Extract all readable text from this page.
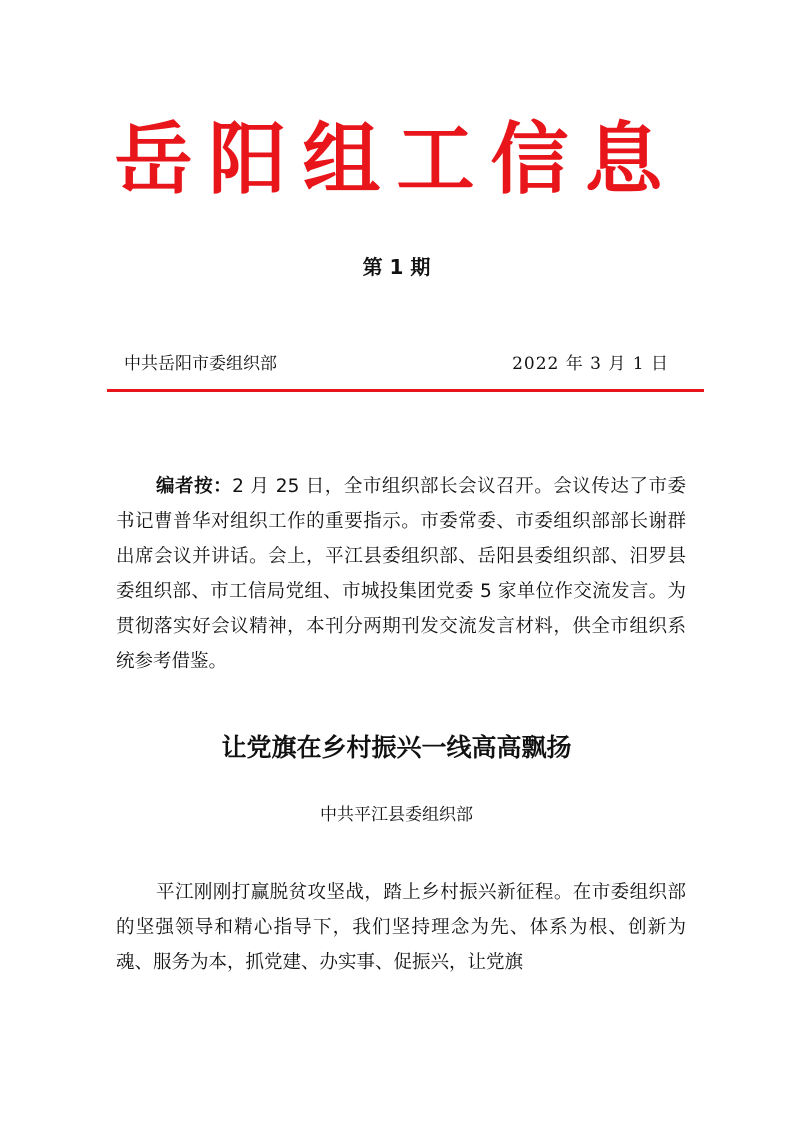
岳阳组工信息
第 1 期
中共岳阳市委组织部	2022 年 3 月 1 日
编者按：2 月 25 日，全市组织部长会议召开。会议传达了市委书记曹普华对组织工作的重要指示。市委常委、市委组织部部长谢群出席会议并讲话。会上，平江县委组织部、岳阳县委组织部、汨罗县委组织部、市工信局党组、市城投集团党委 5 家单位作交流发言。为贯彻落实好会议精神，本刊分两期刊发交流发言材料，供全市组织系统参考借鉴。
让党旗在乡村振兴一线高高飘扬
中共平江县委组织部
平江刚刚打赢脱贫攻坚战，踏上乡村振兴新征程。在市委组织部的坚强领导和精心指导下，我们坚持理念为先、体系为根、创新为魂、服务为本，抓党建、办实事、促振兴，让党旗
